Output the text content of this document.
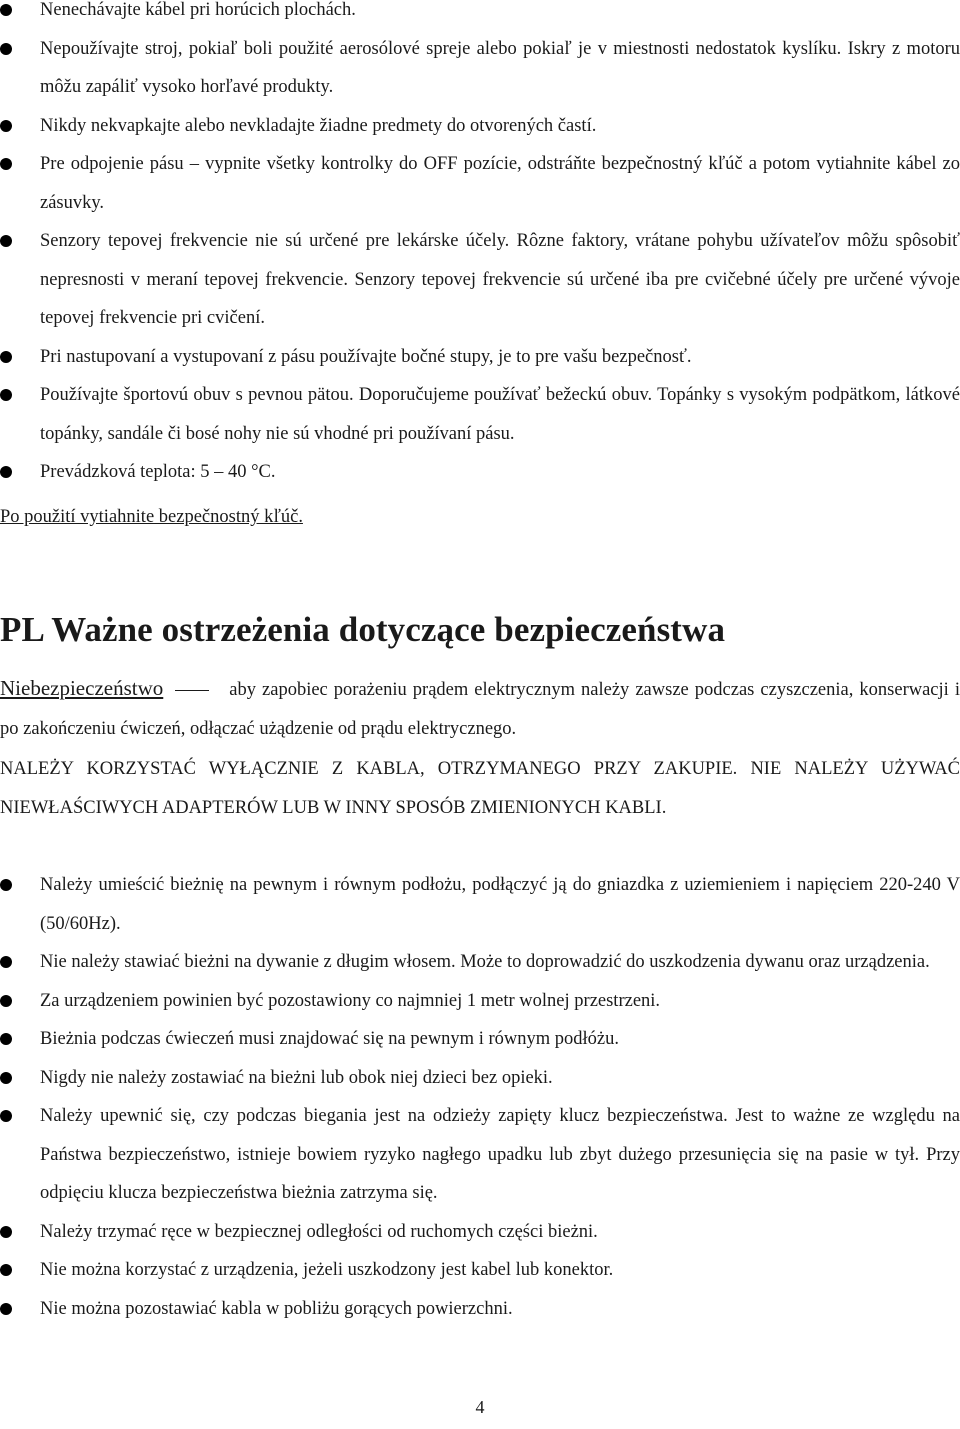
Nenechávajte kábel pri horúcich plochách.
Nepoužívajte stroj, pokiaľ boli použité aerosólové spreje alebo pokiaľ je v miestnosti nedostatok kyslíku. Iskry z motoru môžu zapáliť vysoko horľavé produkty.
Nikdy nekvapkajte alebo nevkladajte žiadne predmety do otvorených častí.
Pre odpojenie pásu – vypnite všetky kontrolky do OFF pozície, odstráňte bezpečnostný kľúč a potom vytiahnite kábel zo zásuvky.
Senzory tepovej frekvencie nie sú určené pre lekárske účely. Rôzne faktory, vrátane pohybu užívateľov môžu spôsobiť nepresnosti v meraní tepovej frekvencie. Senzory tepovej frekvencie sú určené iba pre cvičebné účely pre určené vývoje tepovej frekvencie pri cvičení.
Pri nastupovaní a vystupovaní z pásu používajte bočné stupy, je to pre vašu bezpečnosť.
Používajte športovú obuv s pevnou pätou. Doporučujeme používať bežeckú obuv. Topánky s vysokým podpätkom, látkové topánky, sandále či bosé nohy nie sú vhodné pri používaní pásu.
Prevádzková teplota: 5 – 40 °C.

Po použití vytiahnite bezpečnostný kľúč.

PL Ważne ostrzeżenia dotyczące bezpieczeństwa

Niebezpieczeństwo	aby zapobiec porażeniu prądem elektrycznym należy zawsze podczas czyszczenia, konserwacji i po zakończeniu ćwiczeń, odłączać użądzenie od prądu elektrycznego.

NALEŻY KORZYSTAĆ WYŁĄCZNIE Z KABLA, OTRZYMANEGO PRZY ZAKUPIE. NIE NALEŻY UŻYWAĆ NIEWŁAŚCIWYCH ADAPTERÓW LUB W INNY SPOSÓB ZMIENIONYCH KABLI.

Należy umieścić bieżnię na pewnym i równym podłożu, podłączyć ją do gniazdka z uziemieniem i napięciem 220-240 V (50/60Hz).
Nie należy stawiać bieżni na dywanie z długim włosem. Może to doprowadzić do uszkodzenia dywanu oraz urządzenia.
Za urządzeniem powinien być pozostawiony co najmniej 1 metr wolnej przestrzeni.
Bieżnia podczas ćwieczeń musi znajdować się na pewnym i równym podłóżu.
Nigdy nie należy zostawiać na bieżni lub obok niej dzieci bez opieki.
Należy upewnić się, czy podczas biegania jest na odzieży zapięty klucz bezpieczeństwa. Jest to ważne ze względu na Państwa bezpieczeństwo, istnieje bowiem ryzyko nagłego upadku lub zbyt dużego przesunięcia się na pasie w tył. Przy odpięciu klucza bezpieczeństwa bieżnia zatrzyma się.
Należy trzymać ręce w bezpiecznej odległości od ruchomych części bieżni.
Nie można korzystać z urządzenia, jeżeli uszkodzony jest kabel lub konektor.
Nie można pozostawiać kabla w pobliżu gorących powierzchni.

4
